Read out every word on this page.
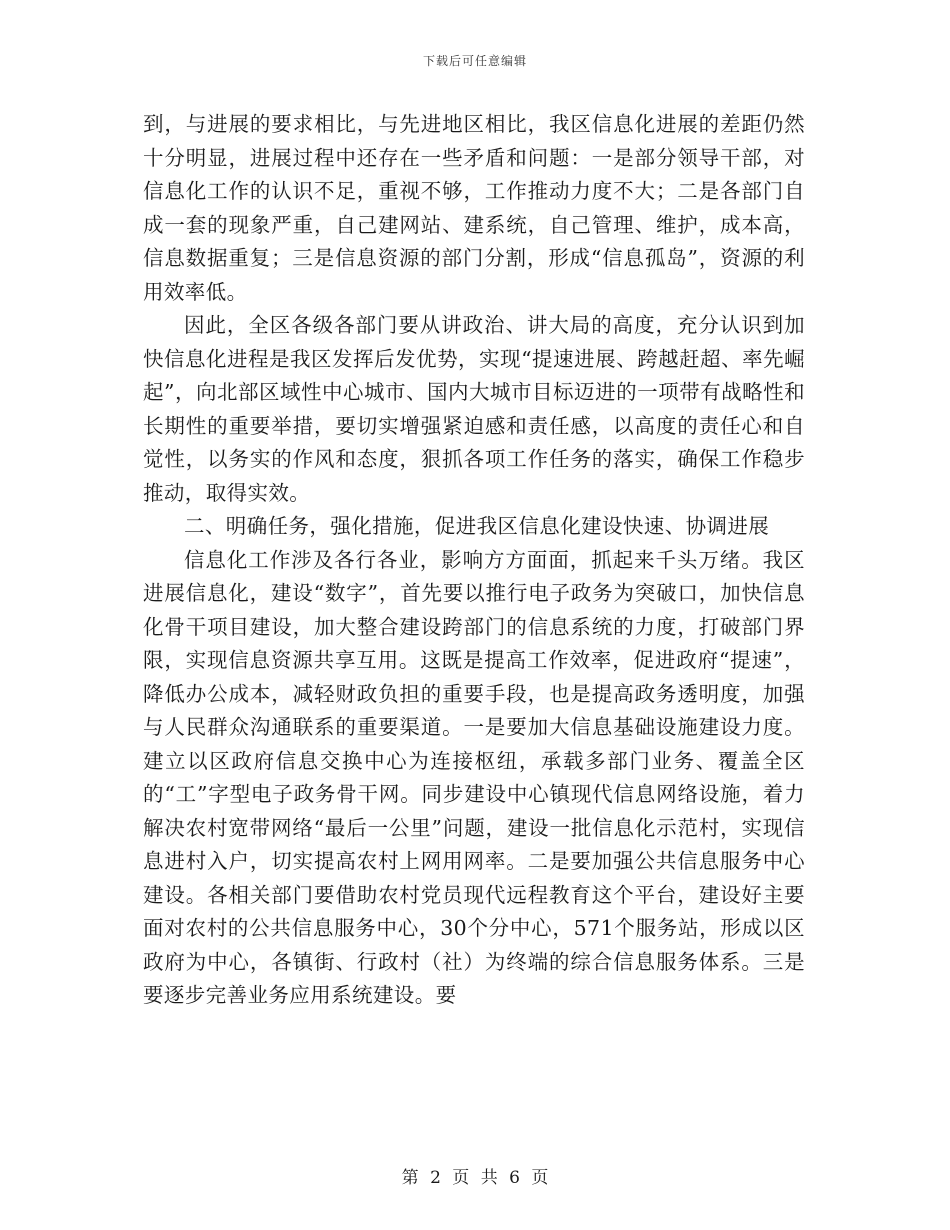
下载后可任意编辑

到，与进展的要求相比，与先进地区相比，我区信息化进展的差距仍然十分明显，进展过程中还存在一些矛盾和问题：一是部分领导干部，对信息化工作的认识不足，重视不够，工作推动力度不大；二是各部门自成一套的现象严重，自己建网站、建系统，自己管理、维护，成本高，信息数据重复；三是信息资源的部门分割，形成“信息孤岛”，资源的利用效率低。

因此，全区各级各部门要从讲政治、讲大局的高度，充分认识到加快信息化进程是我区发挥后发优势，实现“提速进展、跨越赶超、率先崛起”，向北部区域性中心城市、国内大城市目标迈进的一项带有战略性和长期性的重要举措，要切实增强紧迫感和责任感，以高度的责任心和自觉性，以务实的作风和态度，狠抓各项工作任务的落实，确保工作稳步推动，取得实效。

二、明确任务，强化措施，促进我区信息化建设快速、协调进展

信息化工作涉及各行各业，影响方方面面，抓起来千头万绪。我区进展信息化，建设“数字”，首先要以推行电子政务为突破口，加快信息化骨干项目建设，加大整合建设跨部门的信息系统的力度，打破部门界限，实现信息资源共享互用。这既是提高工作效率，促进政府“提速”，降低办公成本，减轻财政负担的重要手段，也是提高政务透明度，加强与人民群众沟通联系的重要渠道。一是要加大信息基础设施建设力度。建立以区政府信息交换中心为连接枢纽，承载多部门业务、覆盖全区的“工”字型电子政务骨干网。同步建设中心镇现代信息网络设施，着力解决农村宽带网络“最后一公里”问题，建设一批信息化示范村，实现信息进村入户，切实提高农村上网用网率。二是要加强公共信息服务中心建设。各相关部门要借助农村党员现代远程教育这个平台，建设好主要面对农村的公共信息服务中心，30个分中心，571个服务站，形成以区政府为中心，各镇街、行政村（社）为终端的综合信息服务体系。三是要逐步完善业务应用系统建设。要

第 2 页 共 6 页
